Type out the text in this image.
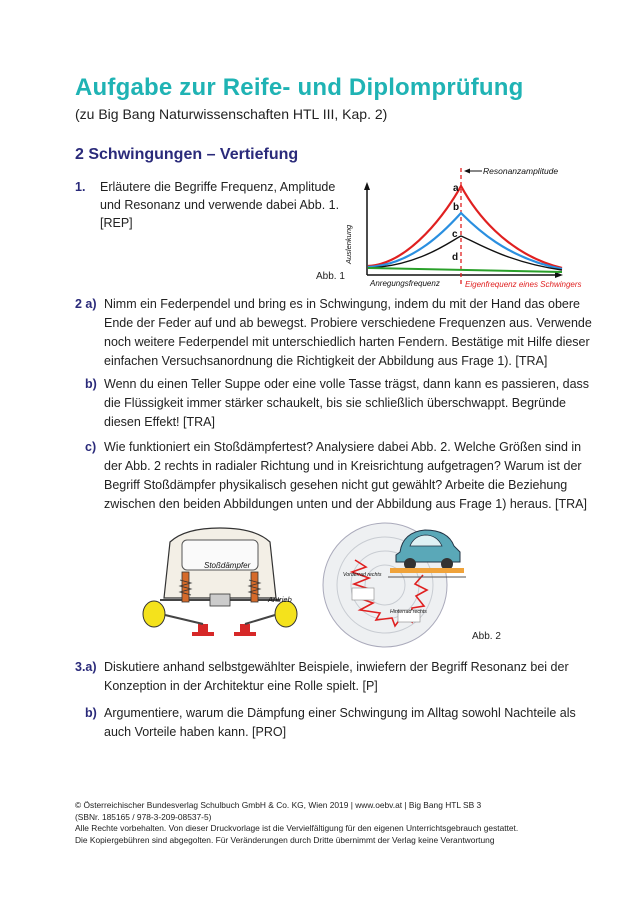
Aufgabe zur Reife- und Diplomprüfung
(zu Big Bang Naturwissenschaften HTL III, Kap. 2)
2 Schwingungen – Vertiefung
1. Erläutere die Begriffe Frequenz, Amplitude
und Resonanz und verwende dabei Abb. 1.
[REP]
Abb. 1
a
b
c
d
Resonanzamplitude
Auslenkung
Anregungsfrequenz	Eigenfrequenz eines Schwingers
2 a) Nimm ein Federpendel und bring es in Schwingung, indem du mit der Hand das obere
Ende der Feder auf und ab bewegst. Probiere verschiedene Frequenzen aus. Verwende
noch weitere Federpendel mit unterschiedlich harten Fendern. Bestätige mit Hilfe dieser
einfachen Versuchsanordnung die Richtigkeit der Abbildung aus Frage 1). [TRA]
b) Wenn du einen Teller Suppe oder eine volle Tasse trägst, dann kann es passieren, dass
die Flüssigkeit immer stärker schaukelt, bis sie schließlich überschwappt. Begründe
diesen Effekt! [TRA]
c) Wie funktioniert ein Stoßdämpfertest? Analysiere dabei Abb. 2. Welche Größen sind in
der Abb. 2 rechts in radialer Richtung und in Kreisrichtung aufgetragen? Warum ist der
Begriff Stoßdämpfer physikalisch gesehen nicht gut gewählt? Arbeite die Beziehung
zwischen den beiden Abbildungen unten und der Abbildung aus Frage 1) heraus. [TRA]
Stoßdämpfer
Antrieb
Vorderrad rechts
Hinterrad rechts
Abb. 2
3.a) Diskutiere anhand selbstgewählter Beispiele, inwiefern der Begriff Resonanz bei der
Konzeption in der Architektur eine Rolle spielt. [P]
b) Argumentiere, warum die Dämpfung einer Schwingung im Alltag sowohl Nachteile als
auch Vorteile haben kann. [PRO]
© Österreichischer Bundesverlag Schulbuch GmbH & Co. KG, Wien 2019 | www.oebv.at | Big Bang HTL SB 3
(SBNr. 185165 / 978-3-209-08537-5)
Alle Rechte vorbehalten. Von dieser Druckvorlage ist die Vervielfältigung für den eigenen Unterrichtsgebrauch gestattet.
Die Kopiergebühren sind abgegolten. Für Veränderungen durch Dritte übernimmt der Verlag keine Verantwortung
